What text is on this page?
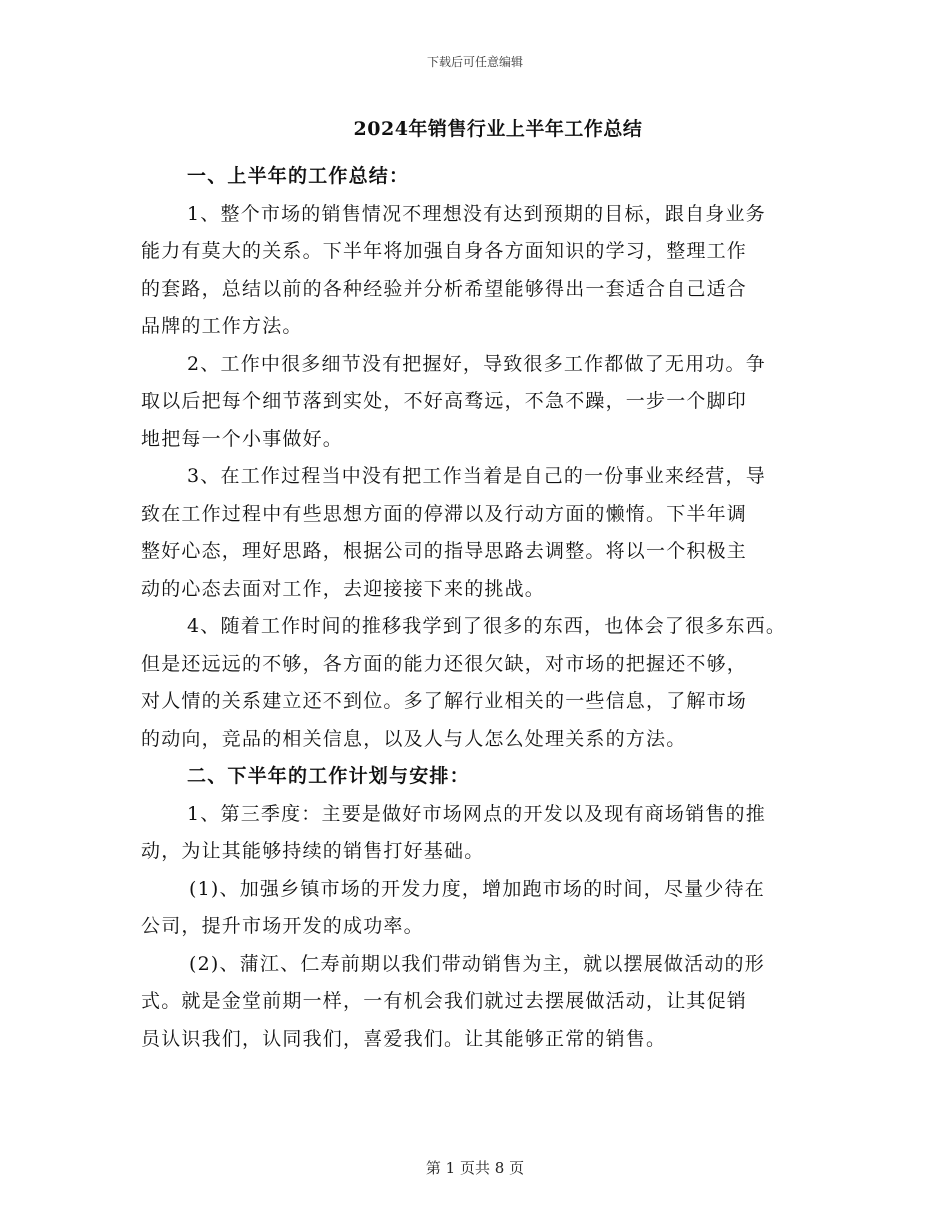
下载后可任意编辑
2024年销售行业上半年工作总结
一、上半年的工作总结：
1、整个市场的销售情况不理想没有达到预期的目标，跟自身业务
能力有莫大的关系。下半年将加强自身各方面知识的学习，整理工作
的套路，总结以前的各种经验并分析希望能够得出一套适合自己适合
品牌的工作方法。
2、工作中很多细节没有把握好，导致很多工作都做了无用功。争
取以后把每个细节落到实处，不好高骛远，不急不躁，一步一个脚印
地把每一个小事做好。
3、在工作过程当中没有把工作当着是自己的一份事业来经营，导
致在工作过程中有些思想方面的停滞以及行动方面的懒惰。下半年调
整好心态，理好思路，根据公司的指导思路去调整。将以一个积极主
动的心态去面对工作，去迎接接下来的挑战。
4、随着工作时间的推移我学到了很多的东西，也体会了很多东西。
但是还远远的不够，各方面的能力还很欠缺，对市场的把握还不够，
对人情的关系建立还不到位。多了解行业相关的一些信息，了解市场
的动向，竞品的相关信息，以及人与人怎么处理关系的方法。
二、下半年的工作计划与安排：
1、第三季度：主要是做好市场网点的开发以及现有商场销售的推
动，为让其能够持续的销售打好基础。
(1)、加强乡镇市场的开发力度，增加跑市场的时间，尽量少待在
公司，提升市场开发的成功率。
(2)、蒲江、仁寿前期以我们带动销售为主，就以摆展做活动的形
式。就是金堂前期一样，一有机会我们就过去摆展做活动，让其促销
员认识我们，认同我们，喜爱我们。让其能够正常的销售。
第 1 页共 8 页
